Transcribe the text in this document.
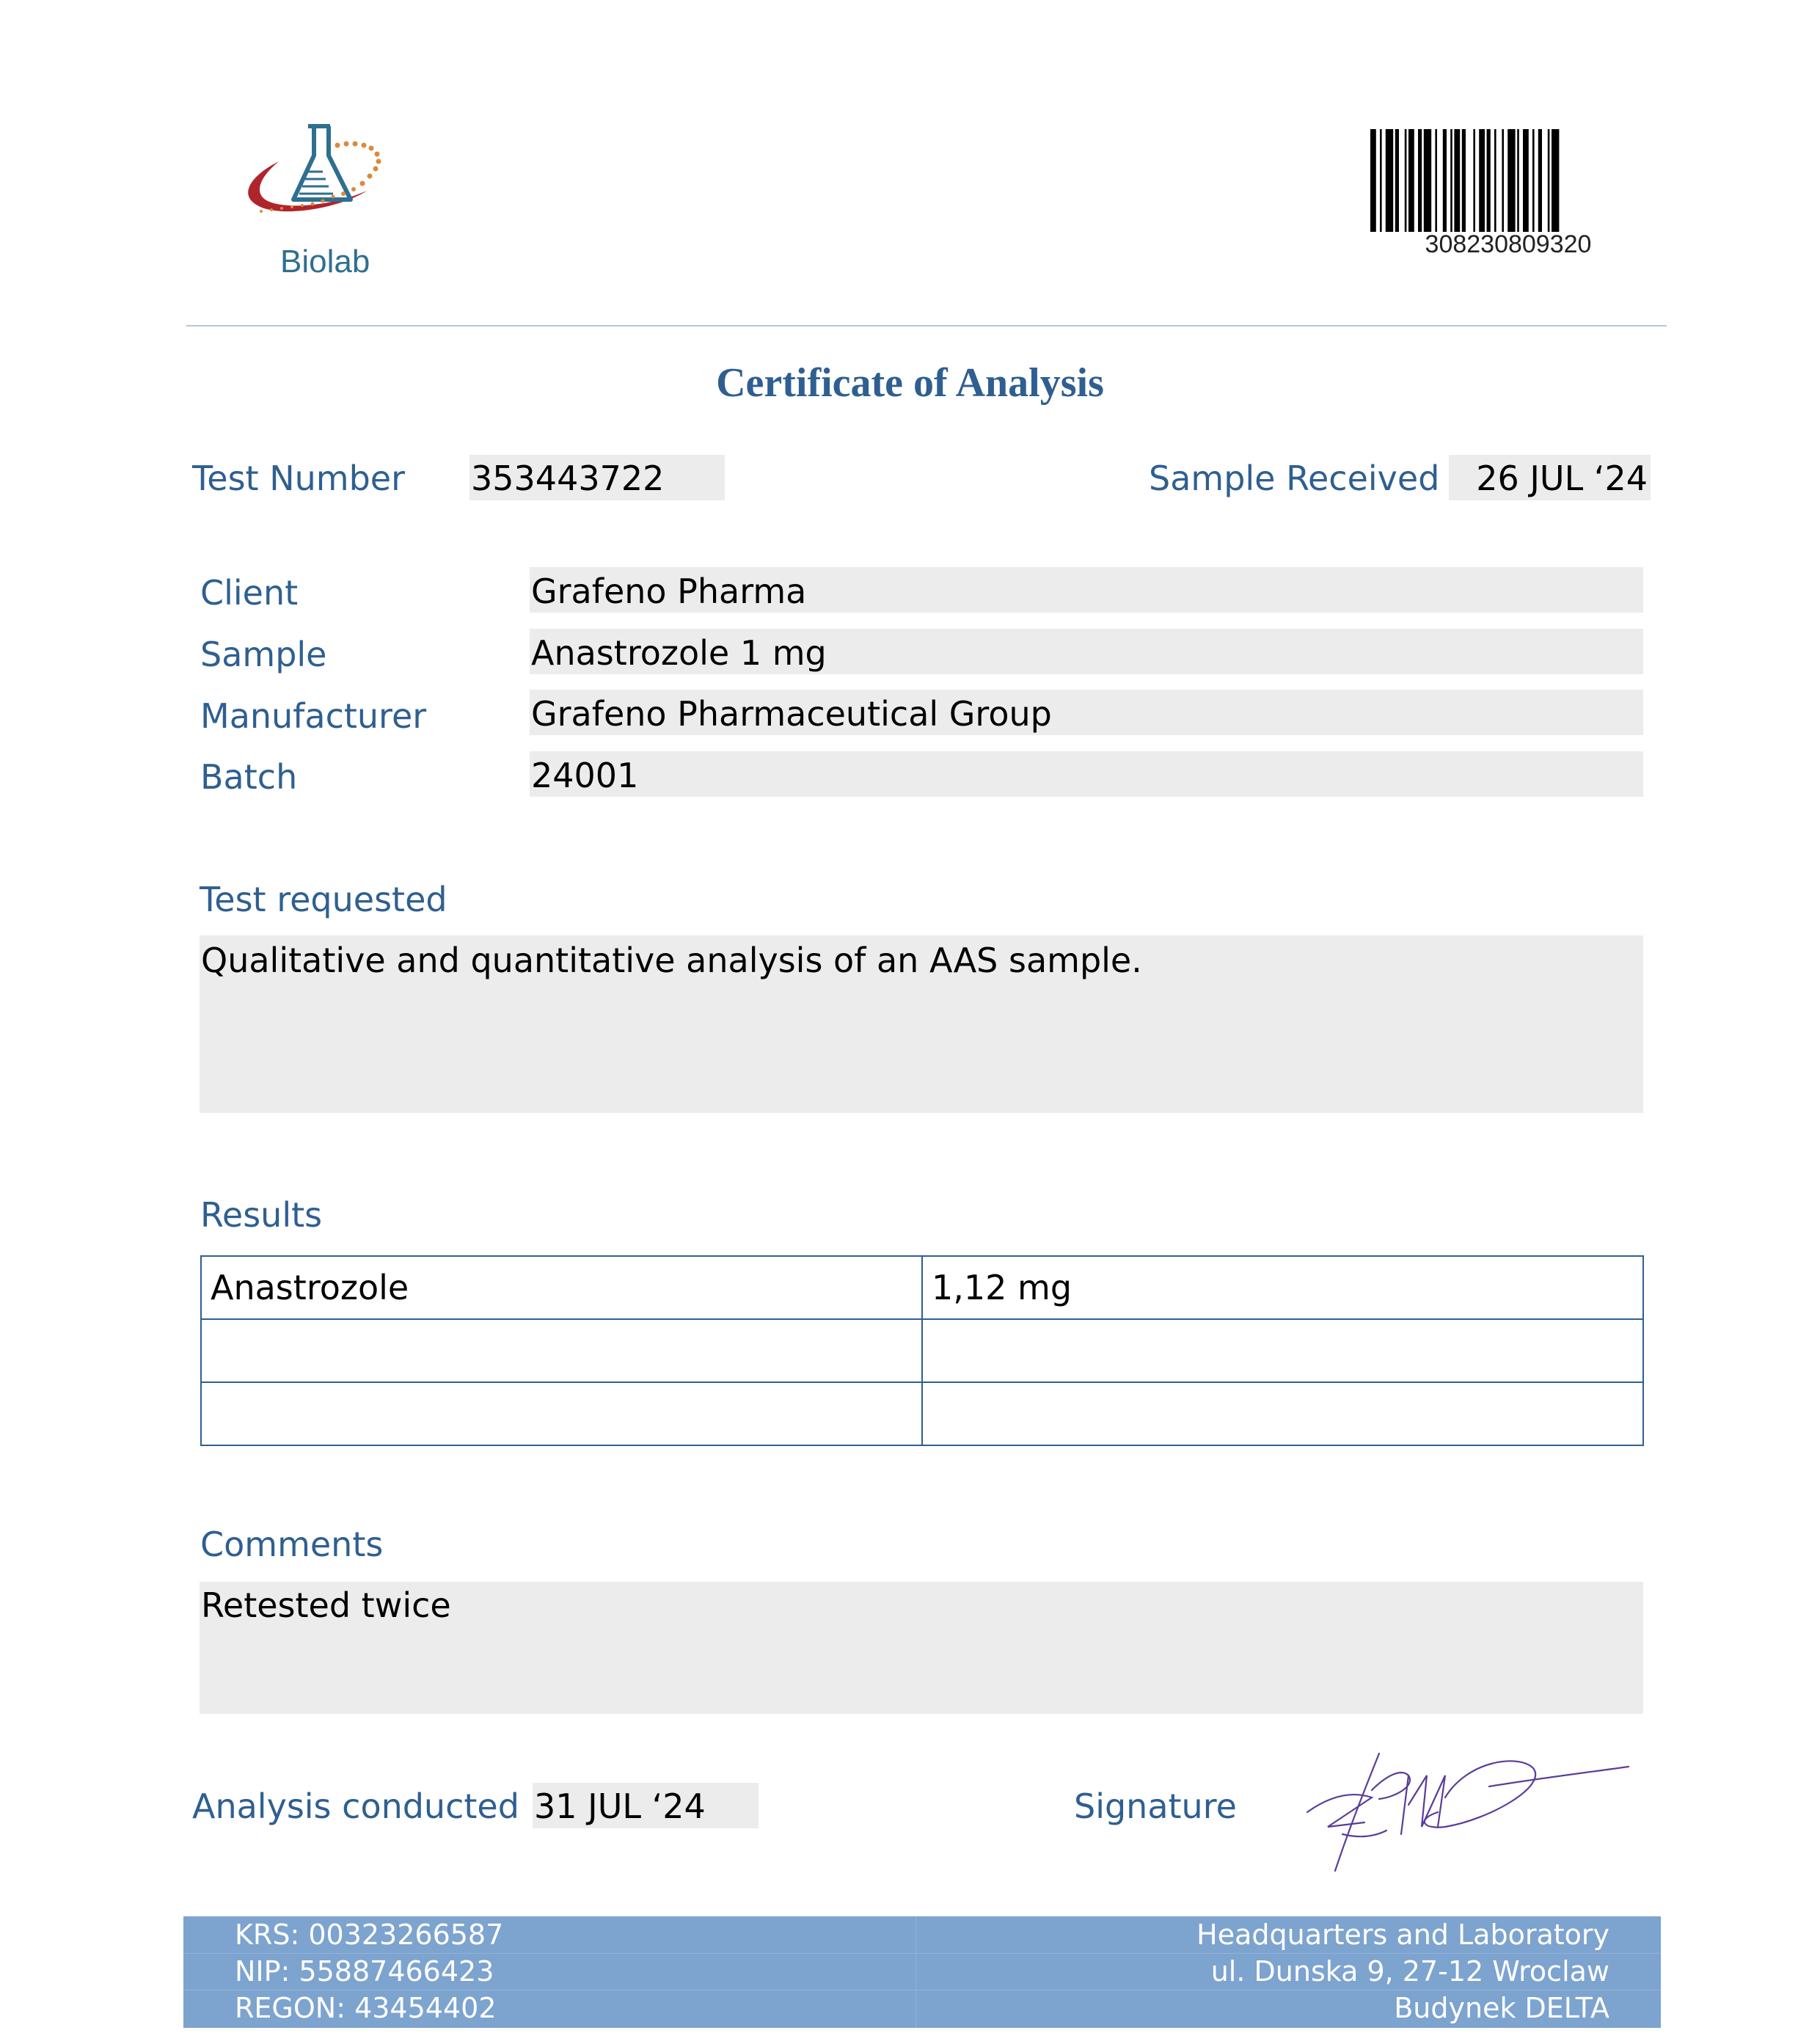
Biolab	308230809320
Certificate of Analysis
Test Number 353443722	Sample Received 26 JUL ‘24
Client	Grafeno Pharma
Sample	Anastrozole 1 mg
Manufacturer	Grafeno Pharmaceutical Group
Batch	24001
Test requested
Qualitative and quantitative analysis of an AAS sample.
Results
Anastrozole	1,12 mg

Comments
Retested twice
Analysis conducted 31 JUL ‘24	Signature
KRS: 00323266587
NIP: 55887466423
REGON: 43454402
Headquarters and Laboratory
ul. Dunska 9, 27-12 Wroclaw
Budynek DELTA
